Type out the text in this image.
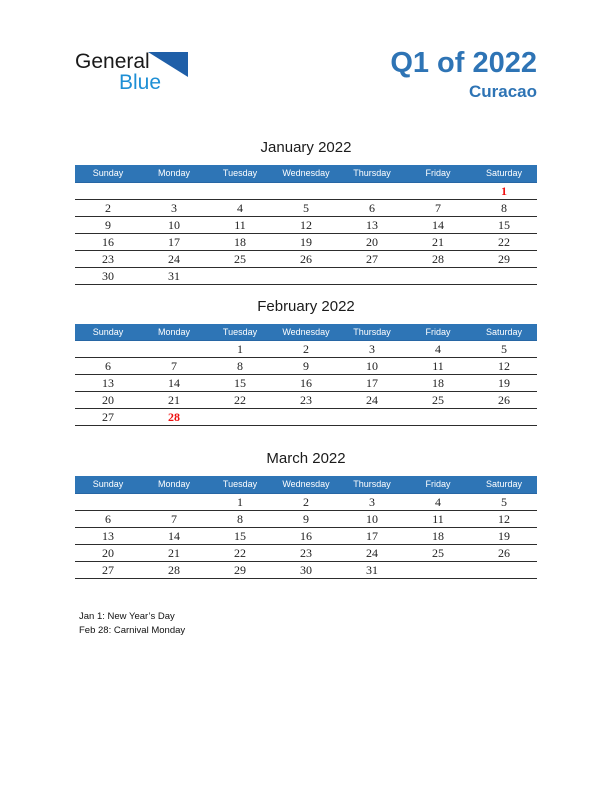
General
Blue
Q1 of 2022
Curacao
January 2022
Sunday	Monday	Tuesday	Wednesday	Thursday	Friday	Saturday
						1
2	3	4	5	6	7	8
9	10	11	12	13	14	15
16	17	18	19	20	21	22
23	24	25	26	27	28	29
30	31					
February 2022
Sunday	Monday	Tuesday	Wednesday	Thursday	Friday	Saturday
		1	2	3	4	5
6	7	8	9	10	11	12
13	14	15	16	17	18	19
20	21	22	23	24	25	26
27	28					
March 2022
Sunday	Monday	Tuesday	Wednesday	Thursday	Friday	Saturday
		1	2	3	4	5
6	7	8	9	10	11	12
13	14	15	16	17	18	19
20	21	22	23	24	25	26
27	28	29	30	31		
Jan 1: New Year’s Day
Feb 28: Carnival Monday
